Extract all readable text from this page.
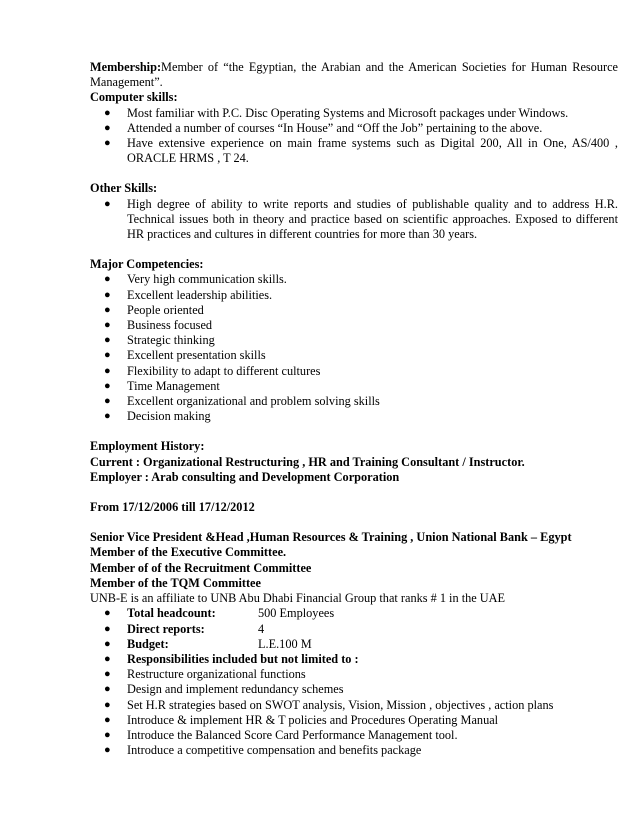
Membership:Member of “the Egyptian, the Arabian and the American Societies for Human Resource Management”.

Computer skills:

● Most familiar with P.C. Disc Operating Systems and Microsoft packages under Windows.
● Attended a number of courses “In House” and “Off the Job” pertaining to the above.
● Have extensive experience on main frame systems such as Digital 200, All in One, AS/400 , ORACLE HRMS , T 24.

Other Skills:

● High degree of ability to write reports and studies of publishable quality and to address H.R. Technical issues both in theory and practice based on scientific approaches. Exposed to different HR practices and cultures in different countries for more than 30 years.

Major Competencies:

● Very high communication skills.
● Excellent leadership abilities.
● People oriented
● Business focused
● Strategic thinking
● Excellent presentation skills
● Flexibility to adapt to different cultures
● Time Management
● Excellent organizational and problem solving skills
● Decision making

Employment History:

Current : Organizational Restructuring , HR and Training Consultant / Instructor.

Employer : Arab consulting and Development Corporation

From 17/12/2006 till 17/12/2012

Senior Vice President &Head ,Human Resources & Training , Union National Bank – Egypt

Member of the Executive Committee.

Member of of the Recruitment Committee

Member of the TQM Committee

UNB-E is an affiliate to UNB Abu Dhabi Financial Group that ranks # 1 in the UAE

● Total headcount:	500 Employees
● Direct reports:	4
● Budget:	L.E.100 M
● Responsibilities included but not limited to :
● Restructure organizational functions
● Design and implement redundancy schemes
● Set H.R strategies based on SWOT analysis, Vision, Mission , objectives , action plans
● Introduce & implement HR & T policies and Procedures Operating Manual
● Introduce the Balanced Score Card Performance Management tool.
● Introduce a competitive compensation and benefits package
